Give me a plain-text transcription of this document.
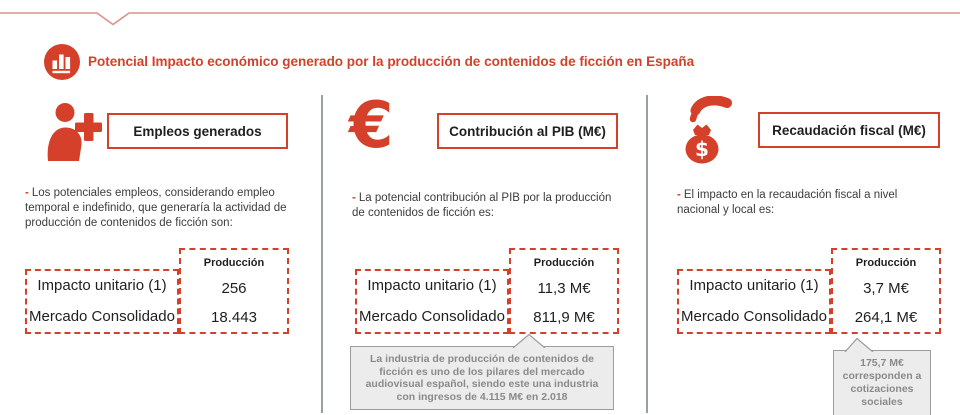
Potencial Impacto económico generado por la producción de contenidos de ficción en España
Empleos generados
- Los potenciales empleos, considerando empleo temporal e indefinido, que generaría la actividad de producción de contenidos de ficción son:
Producción
256
18.443
Impacto unitario (1)
Mercado Consolidado
€	Contribución al PIB (M€)
- La potencial contribución al PIB por la producción de contenidos de ficción es:
Producción
11,3 M€
811,9 M€
Impacto unitario (1)
Mercado Consolidado
La industria de producción de contenidos de ficción es uno de los pilares del mercado audiovisual español, siendo este una industria con ingresos de 4.115 M€ en 2.018
$
Recaudación fiscal (M€)
- El impacto en la recaudación fiscal a nivel nacional y local es:
Producción
3,7 M€
264,1 M€
Impacto unitario (1)
Mercado Consolidado
175,7 M€ corresponden a cotizaciones sociales
